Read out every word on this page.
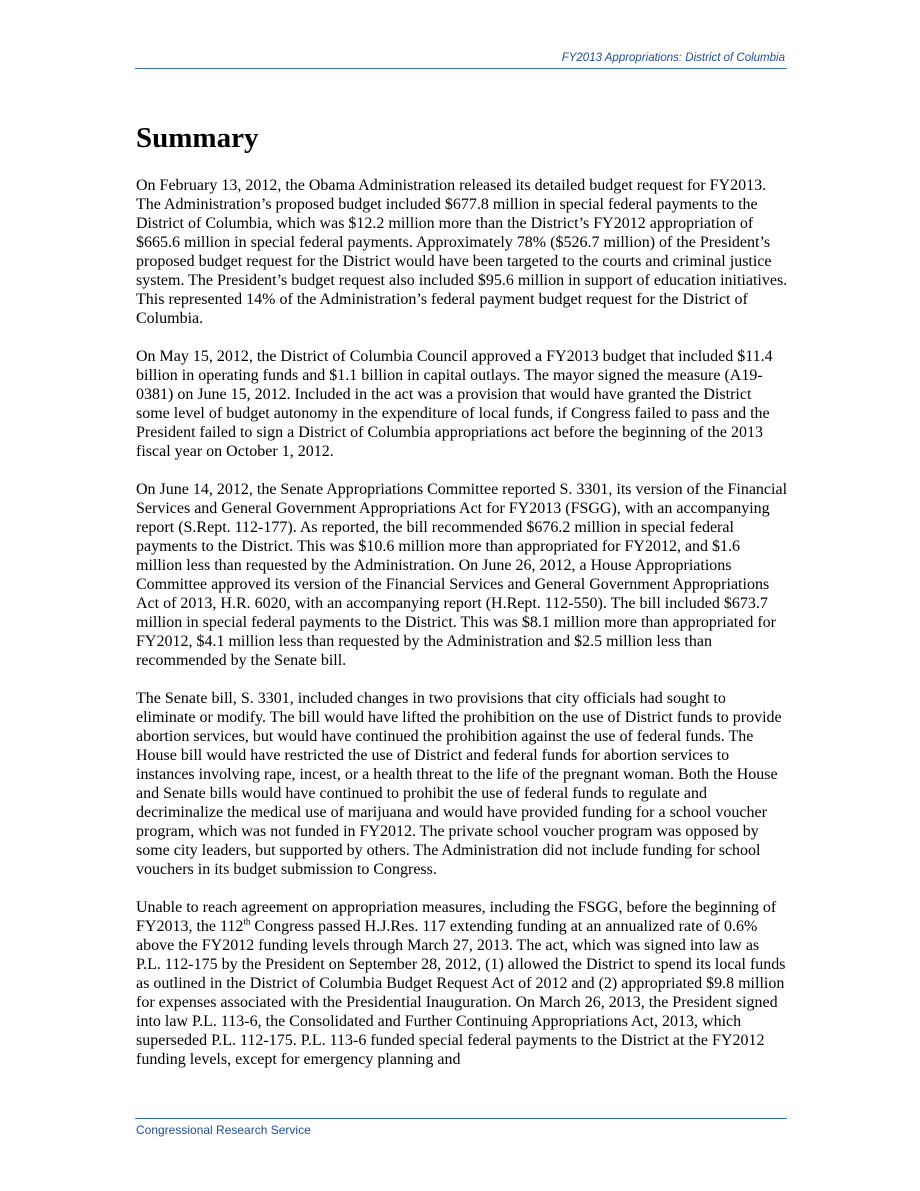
FY2013 Appropriations: District of Columbia
Summary

On February 13, 2012, the Obama Administration released its detailed budget request for FY2013. The Administration’s proposed budget included $677.8 million in special federal payments to the District of Columbia, which was $12.2 million more than the District’s FY2012 appropriation of $665.6 million in special federal payments. Approximately 78% ($526.7 million) of the President’s proposed budget request for the District would have been targeted to the courts and criminal justice system. The President’s budget request also included $95.6 million in support of education initiatives. This represented 14% of the Administration’s federal payment budget request for the District of Columbia.

On May 15, 2012, the District of Columbia Council approved a FY2013 budget that included $11.4 billion in operating funds and $1.1 billion in capital outlays. The mayor signed the measure (A19-0381) on June 15, 2012. Included in the act was a provision that would have granted the District some level of budget autonomy in the expenditure of local funds, if Congress failed to pass and the President failed to sign a District of Columbia appropriations act before the beginning of the 2013 fiscal year on October 1, 2012.

On June 14, 2012, the Senate Appropriations Committee reported S. 3301, its version of the Financial Services and General Government Appropriations Act for FY2013 (FSGG), with an accompanying report (S.Rept. 112-177). As reported, the bill recommended $676.2 million in special federal payments to the District. This was $10.6 million more than appropriated for FY2012, and $1.6 million less than requested by the Administration. On June 26, 2012, a House Appropriations Committee approved its version of the Financial Services and General Government Appropriations Act of 2013, H.R. 6020, with an accompanying report (H.Rept. 112-550). The bill included $673.7 million in special federal payments to the District. This was $8.1 million more than appropriated for FY2012, $4.1 million less than requested by the Administration and $2.5 million less than recommended by the Senate bill.

The Senate bill, S. 3301, included changes in two provisions that city officials had sought to eliminate or modify. The bill would have lifted the prohibition on the use of District funds to provide abortion services, but would have continued the prohibition against the use of federal funds. The House bill would have restricted the use of District and federal funds for abortion services to instances involving rape, incest, or a health threat to the life of the pregnant woman. Both the House and Senate bills would have continued to prohibit the use of federal funds to regulate and decriminalize the medical use of marijuana and would have provided funding for a school voucher program, which was not funded in FY2012. The private school voucher program was opposed by some city leaders, but supported by others. The Administration did not include funding for school vouchers in its budget submission to Congress.

Unable to reach agreement on appropriation measures, including the FSGG, before the beginning of FY2013, the 112th Congress passed H.J.Res. 117 extending funding at an annualized rate of 0.6% above the FY2012 funding levels through March 27, 2013. The act, which was signed into law as P.L. 112-175 by the President on September 28, 2012, (1) allowed the District to spend its local funds as outlined in the District of Columbia Budget Request Act of 2012 and (2) appropriated $9.8 million for expenses associated with the Presidential Inauguration. On March 26, 2013, the President signed into law P.L. 113-6, the Consolidated and Further Continuing Appropriations Act, 2013, which superseded P.L. 112-175. P.L. 113-6 funded special federal payments to the District at the FY2012 funding levels, except for emergency planning and

Congressional Research Service
